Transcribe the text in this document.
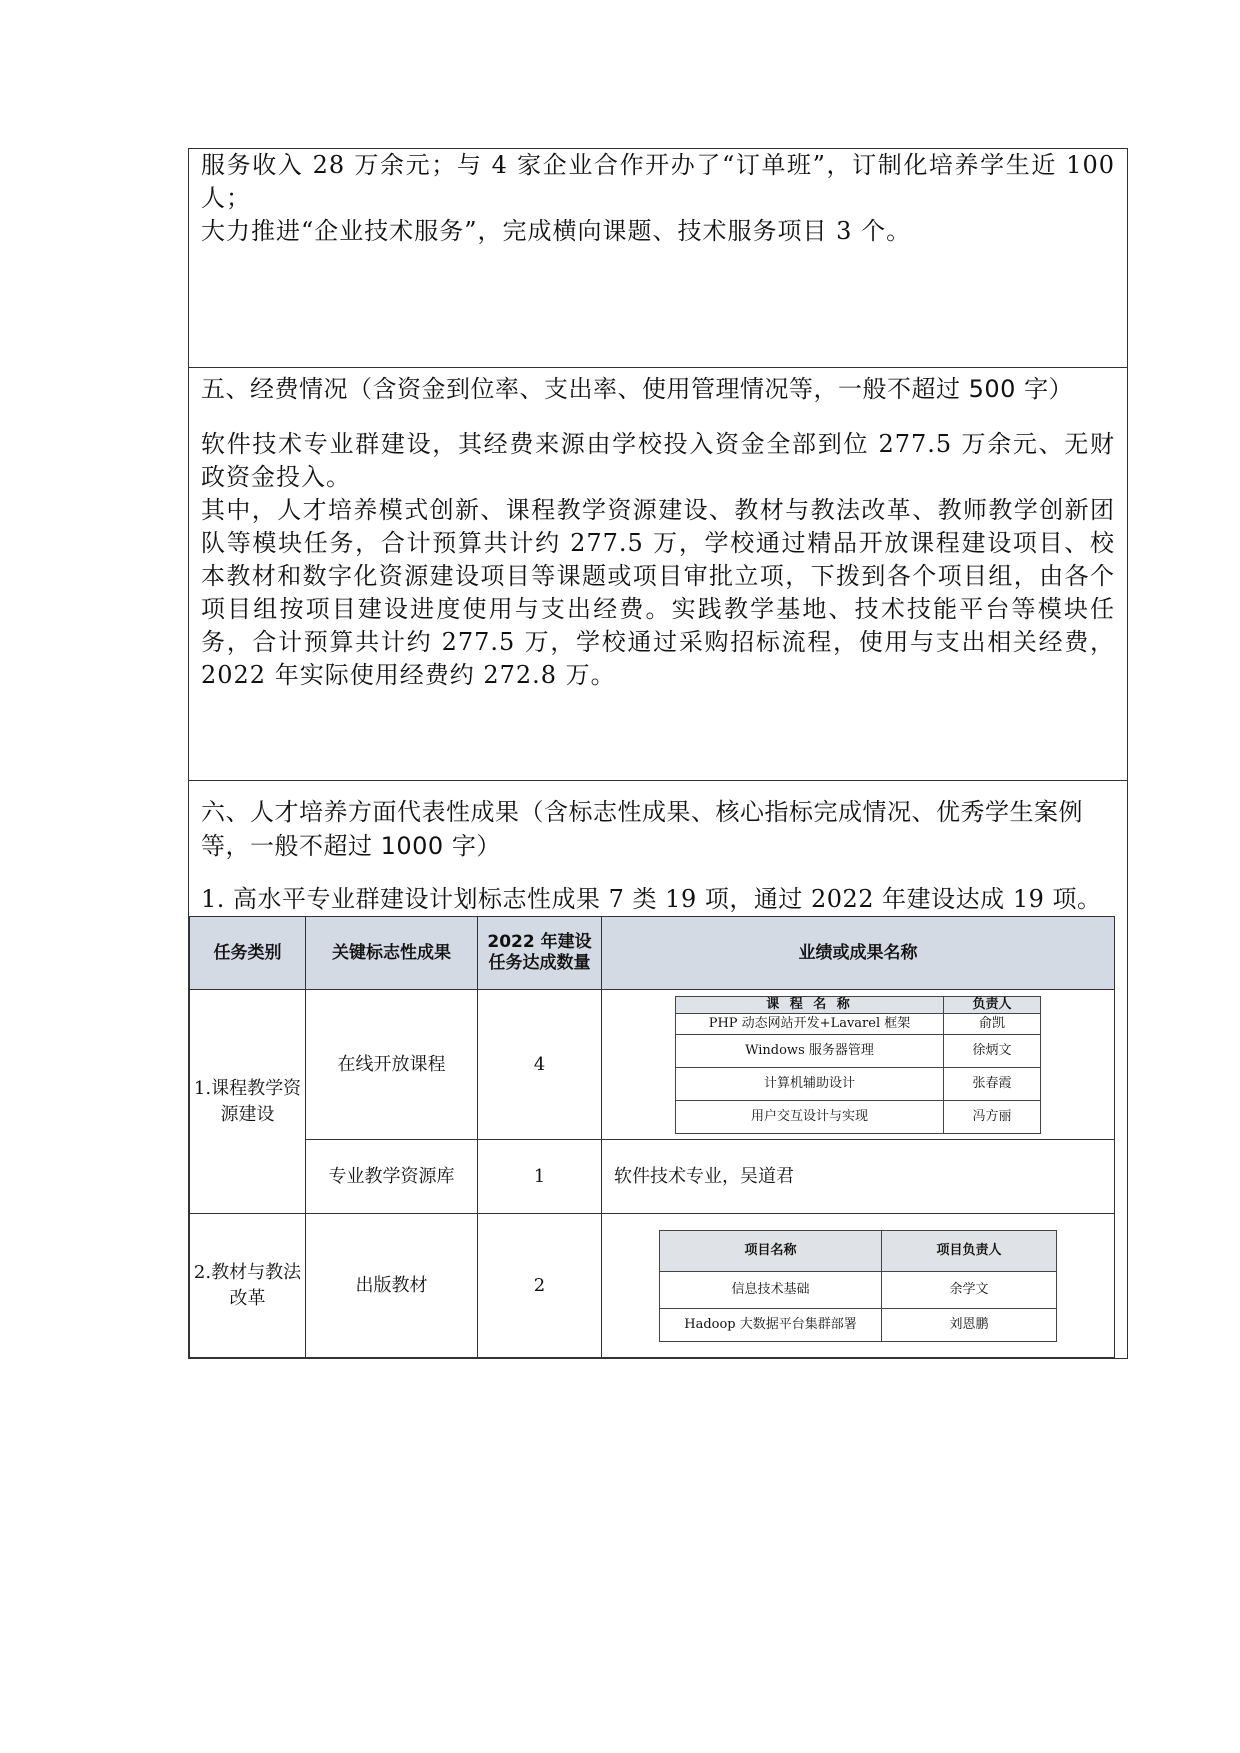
服务收入 28 万余元；与 4 家企业合作开办了“订单班”，订制化培养学生近 100 人；

大力推进“企业技术服务”，完成横向课题、技术服务项目 3 个。

五、经费情况（含资金到位率、支出率、使用管理情况等，一般不超过 500 字）

软件技术专业群建设，其经费来源由学校投入资金全部到位 277.5 万余元、无财政资金投入。

其中，人才培养模式创新、课程教学资源建设、教材与教法改革、教师教学创新团队等模块任务，合计预算共计约 277.5 万，学校通过精品开放课程建设项目、校本教材和数字化资源建设项目等课题或项目审批立项，下拨到各个项目组，由各个项目组按项目建设进度使用与支出经费。实践教学基地、技术技能平台等模块任务，合计预算共计约 277.5 万，学校通过采购招标流程，使用与支出相关经费，2022 年实际使用经费约 272.8 万。

六、人才培养方面代表性成果（含标志性成果、核心指标完成情况、优秀学生案例等，一般不超过 1000 字）
1. 高水平专业群建设计划标志性成果 7 类 19 项，通过 2022 年建设达成 19 项。
任务类别	关键标志性成果	2022 年建设任务达成数量	业绩或成果名称
1.课程教学资源建设	在线开放课程	4	
课 程 名 称	负责人
PHP 动态网站开发+Lavarel 框架	俞凯
Windows 服务器管理	徐炳文
计算机辅助设计	张春霞
用户交互设计与实现	冯方丽

专业教学资源库	1	软件技术专业，吴道君
2.教材与教法改革	出版教材	2	
项目名称	项目负责人
信息技术基础	余学文
Hadoop 大数据平台集群部署	刘恩鹏
